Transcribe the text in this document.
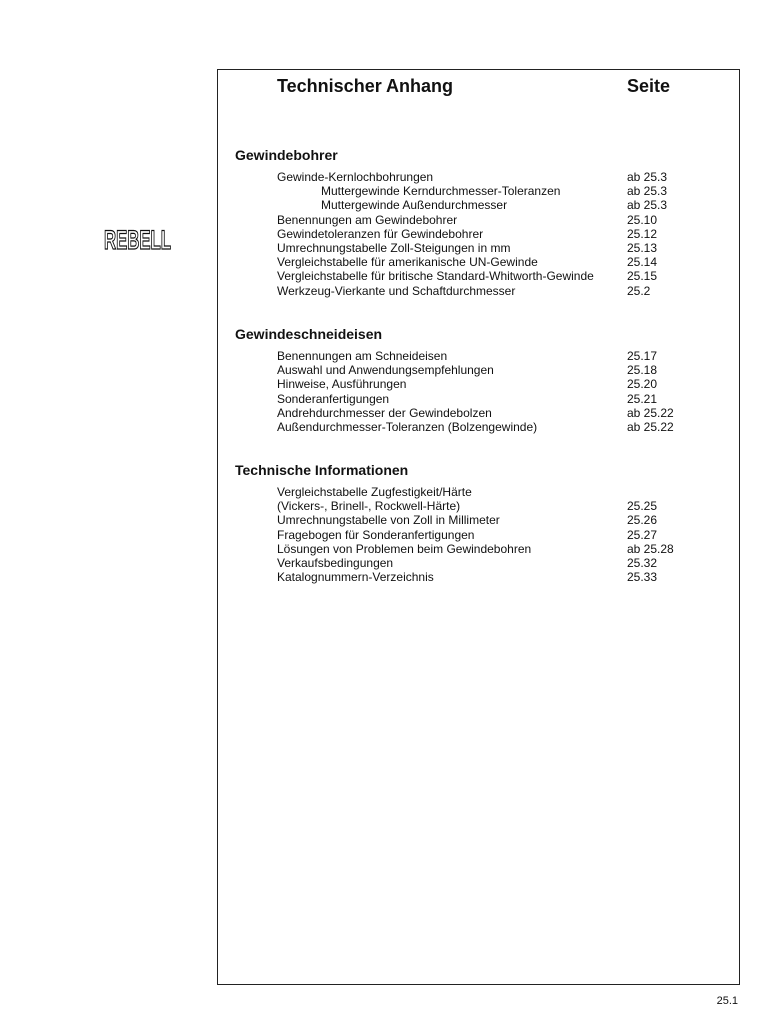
REBELL
Technischer Anhang	Seite
Gewindebohrer
Gewinde-Kernlochbohrungen	ab 25.3
Muttergewinde Kerndurchmesser-Toleranzen	ab 25.3
Muttergewinde Außendurchmesser	ab 25.3
Benennungen am Gewindebohrer	25.10
Gewindetoleranzen für Gewindebohrer	25.12
Umrechnungstabelle Zoll-Steigungen in mm	25.13
Vergleichstabelle für amerikanische UN-Gewinde	25.14
Vergleichstabelle für britische Standard-Whitworth-Gewinde	25.15
Werkzeug-Vierkante und Schaftdurchmesser	25.2
Gewindeschneideisen
Benennungen am Schneideisen	25.17
Auswahl und Anwendungsempfehlungen	25.18
Hinweise, Ausführungen	25.20
Sonderanfertigungen	25.21
Andrehdurchmesser der Gewindebolzen	ab 25.22
Außendurchmesser-Toleranzen (Bolzengewinde)	ab 25.22
Technische Informationen
Vergleichstabelle Zugfestigkeit/Härte
(Vickers-, Brinell-, Rockwell-Härte)	25.25
Umrechnungstabelle von Zoll in Millimeter	25.26
Fragebogen für Sonderanfertigungen	25.27
Lösungen von Problemen beim Gewindebohren	ab 25.28
Verkaufsbedingungen	25.32
Katalognummern-Verzeichnis	25.33
25.1
